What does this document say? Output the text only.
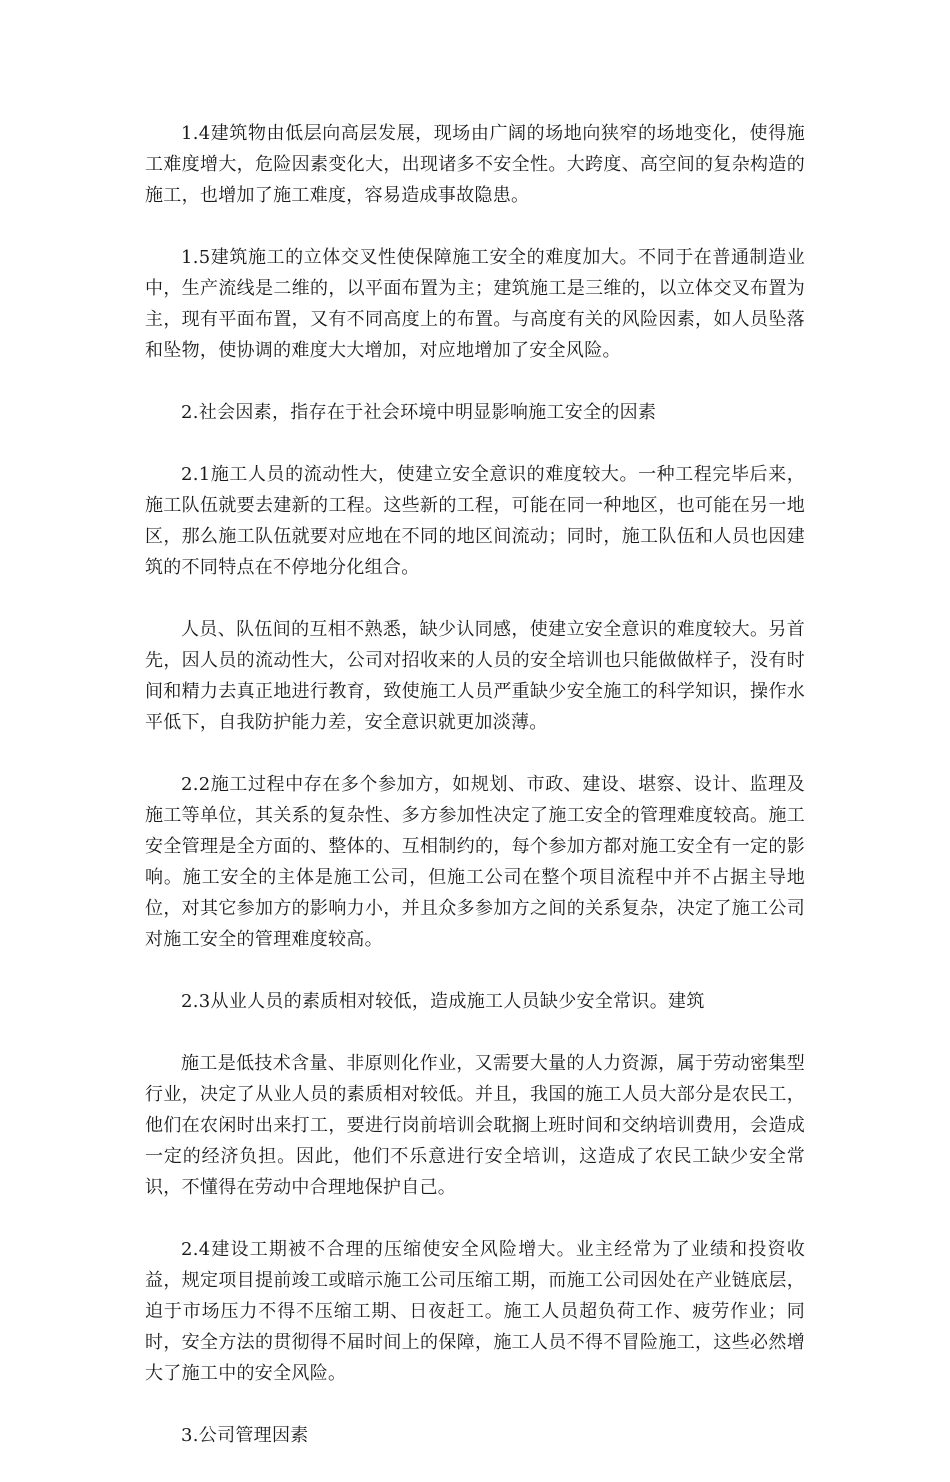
1.4建筑物由低层向高层发展，现场由广阔的场地向狭窄的场地变化，使得施工难度增大，危险因素变化大，出现诸多不安全性。大跨度、高空间的复杂构造的施工，也增加了施工难度，容易造成事故隐患。

1.5建筑施工的立体交叉性使保障施工安全的难度加大。不同于在普通制造业中，生产流线是二维的，以平面布置为主；建筑施工是三维的，以立体交叉布置为主，现有平面布置，又有不同高度上的布置。与高度有关的风险因素，如人员坠落和坠物，使协调的难度大大增加，对应地增加了安全风险。

2.社会因素，指存在于社会环境中明显影响施工安全的因素

2.1施工人员的流动性大，使建立安全意识的难度较大。一种工程完毕后来，施工队伍就要去建新的工程。这些新的工程，可能在同一种地区，也可能在另一地区，那么施工队伍就要对应地在不同的地区间流动；同时，施工队伍和人员也因建筑的不同特点在不停地分化组合。

人员、队伍间的互相不熟悉，缺少认同感，使建立安全意识的难度较大。另首先，因人员的流动性大，公司对招收来的人员的安全培训也只能做做样子，没有时间和精力去真正地进行教育，致使施工人员严重缺少安全施工的科学知识，操作水平低下，自我防护能力差，安全意识就更加淡薄。

2.2施工过程中存在多个参加方，如规划、市政、建设、堪察、设计、监理及施工等单位，其关系的复杂性、多方参加性决定了施工安全的管理难度较高。施工安全管理是全方面的、整体的、互相制约的，每个参加方都对施工安全有一定的影响。施工安全的主体是施工公司，但施工公司在整个项目流程中并不占据主导地位，对其它参加方的影响力小，并且众多参加方之间的关系复杂，决定了施工公司对施工安全的管理难度较高。

2.3从业人员的素质相对较低，造成施工人员缺少安全常识。建筑

施工是低技术含量、非原则化作业，又需要大量的人力资源，属于劳动密集型行业，决定了从业人员的素质相对较低。并且，我国的施工人员大部分是农民工，他们在农闲时出来打工，要进行岗前培训会耽搁上班时间和交纳培训费用，会造成一定的经济负担。因此，他们不乐意进行安全培训，这造成了农民工缺少安全常识，不懂得在劳动中合理地保护自己。

2.4建设工期被不合理的压缩使安全风险增大。业主经常为了业绩和投资收益，规定项目提前竣工或暗示施工公司压缩工期，而施工公司因处在产业链底层，迫于市场压力不得不压缩工期、日夜赶工。施工人员超负荷工作、疲劳作业；同时，安全方法的贯彻得不届时间上的保障，施工人员不得不冒险施工，这些必然增大了施工中的安全风险。

3.公司管理因素
